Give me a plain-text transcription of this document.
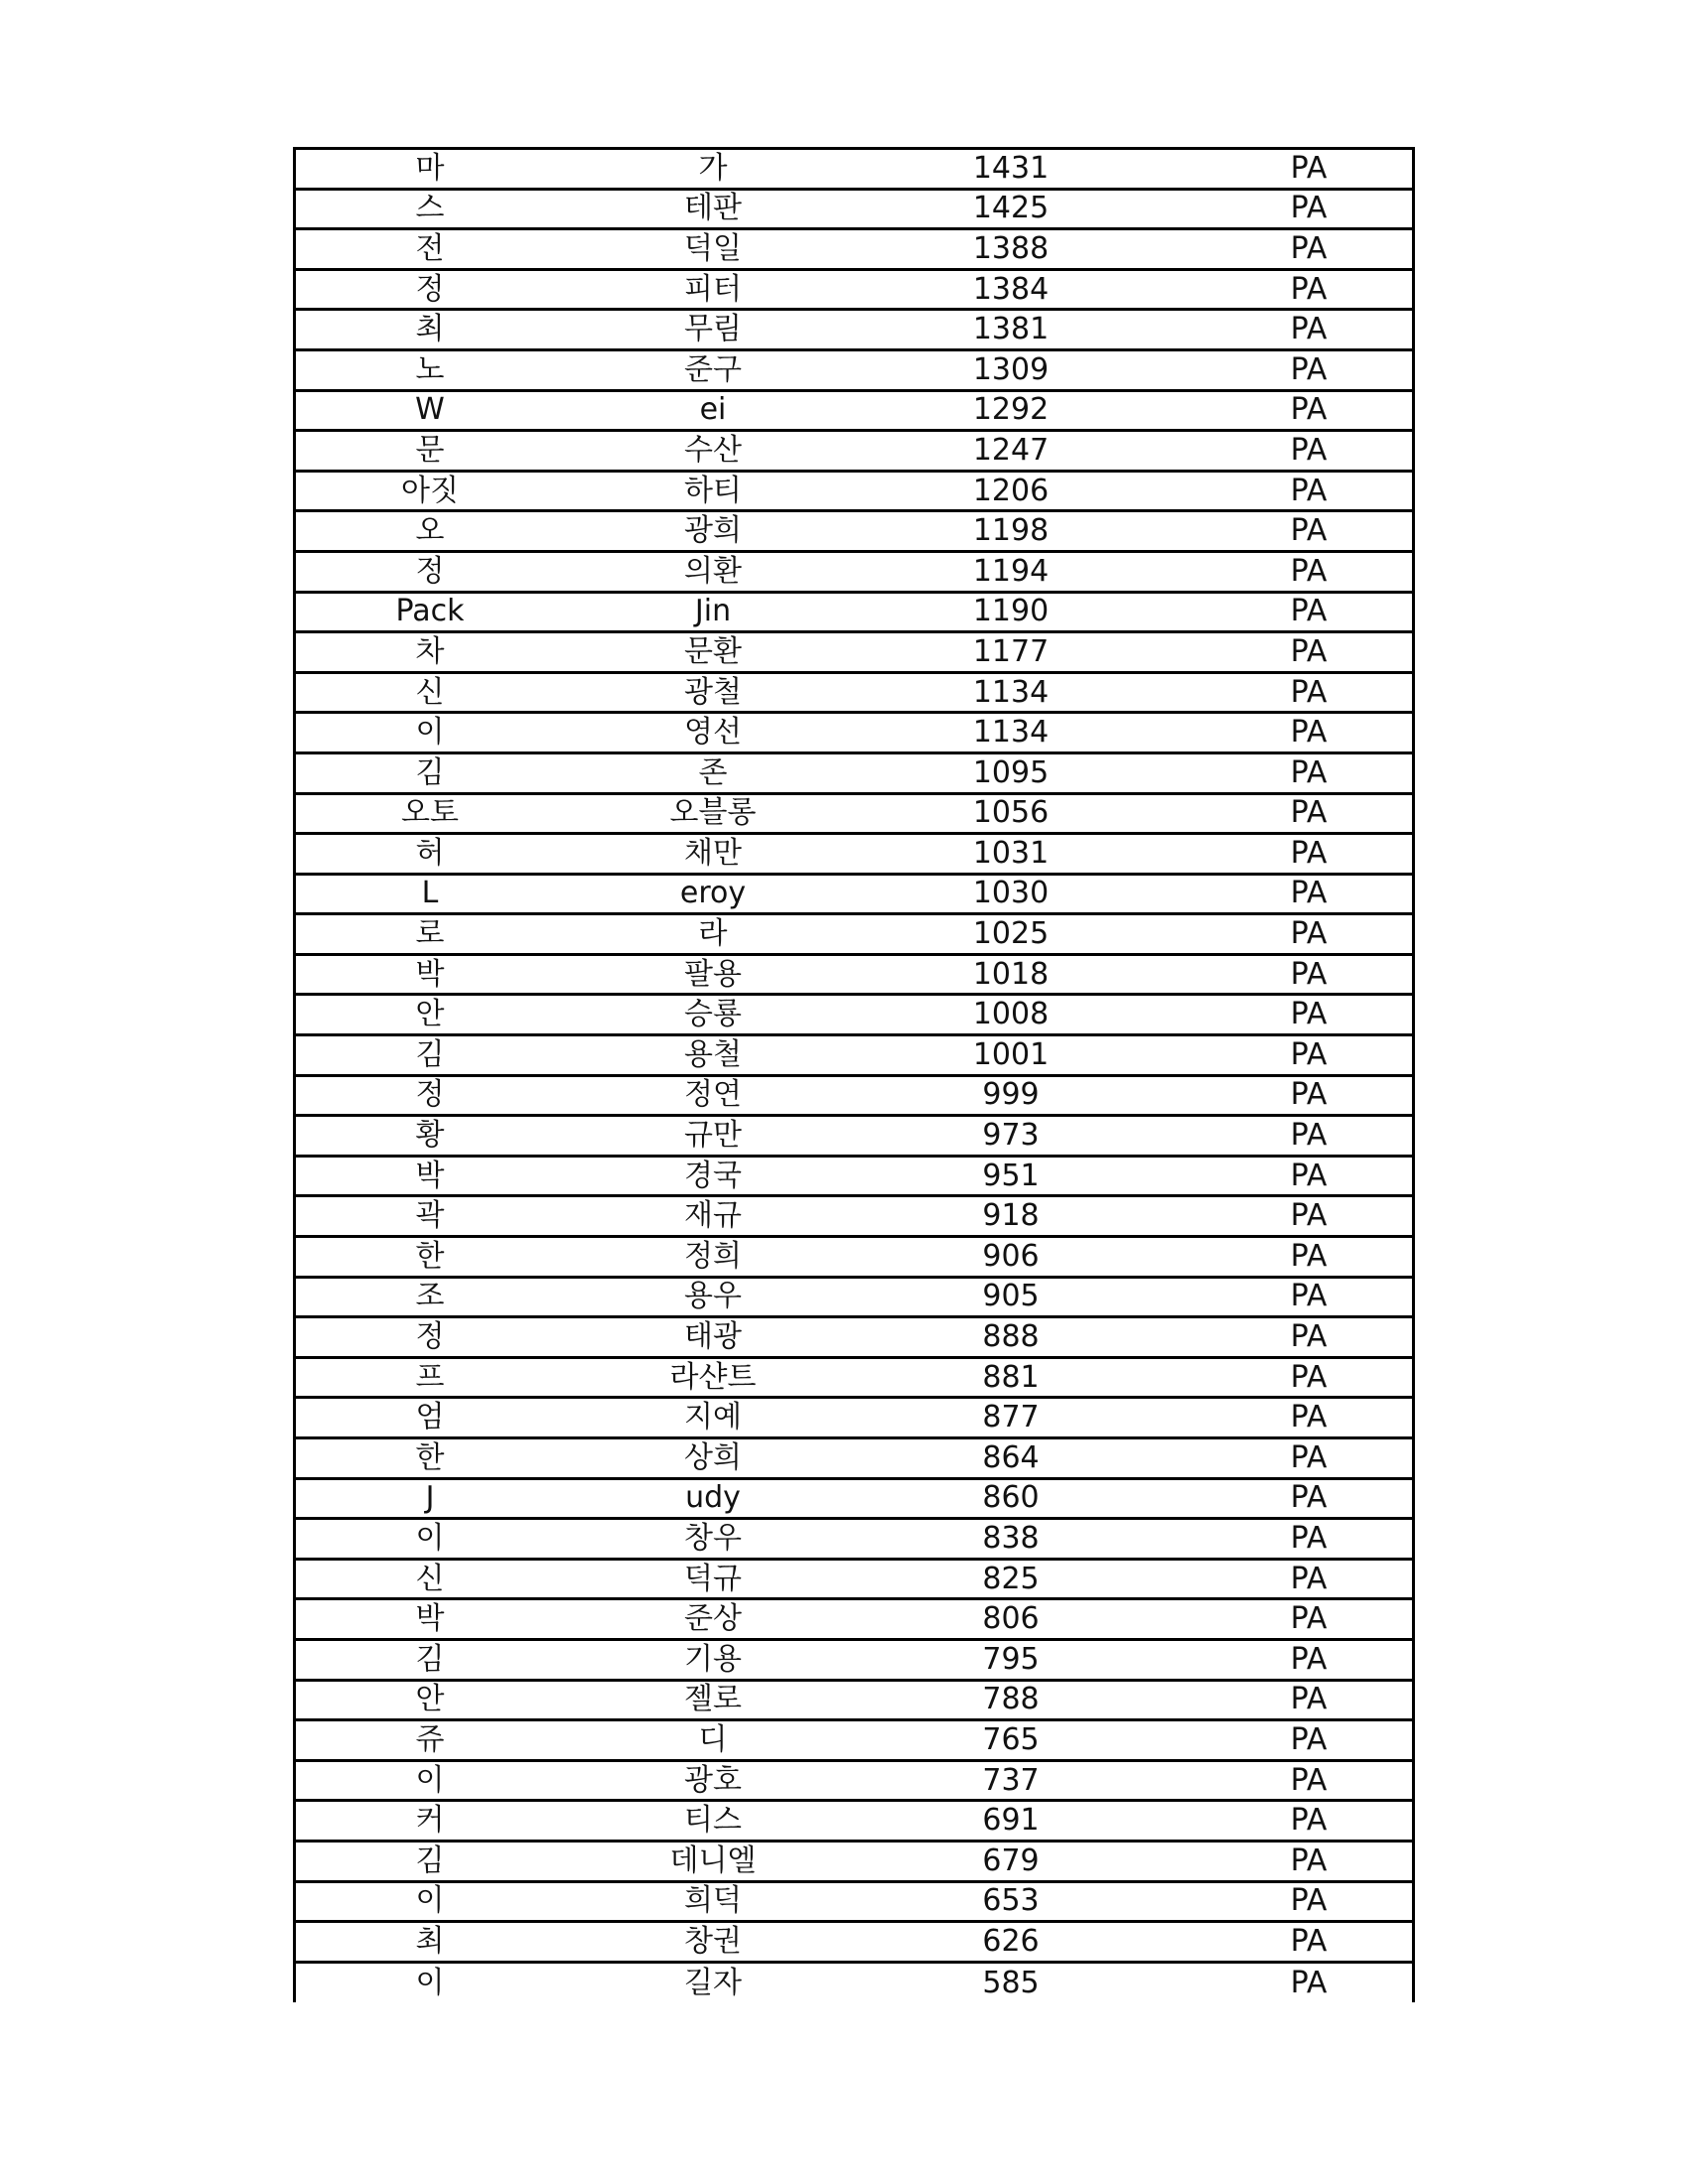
마	가	1431	PA
스	테판	1425	PA
전	덕일	1388	PA
정	피터	1384	PA
최	무림	1381	PA
노	준구	1309	PA
W	ei	1292	PA
문	수산	1247	PA
아짓	하티	1206	PA
오	광희	1198	PA
정	의환	1194	PA
Pack	Jin	1190	PA
차	문환	1177	PA
신	광철	1134	PA
이	영선	1134	PA
김	존	1095	PA
오토	오블롱	1056	PA
허	채만	1031	PA
L	eroy	1030	PA
로	라	1025	PA
박	팔용	1018	PA
안	승룡	1008	PA
김	용철	1001	PA
정	정연	999	PA
황	규만	973	PA
박	경국	951	PA
곽	재규	918	PA
한	정희	906	PA
조	용우	905	PA
정	태광	888	PA
프	라샨트	881	PA
엄	지예	877	PA
한	상희	864	PA
J	udy	860	PA
이	창우	838	PA
신	덕규	825	PA
박	준상	806	PA
김	기용	795	PA
안	젤로	788	PA
쥬	디	765	PA
이	광호	737	PA
커	티스	691	PA
김	데니엘	679	PA
이	희덕	653	PA
최	창권	626	PA
이	길자	585	PA
